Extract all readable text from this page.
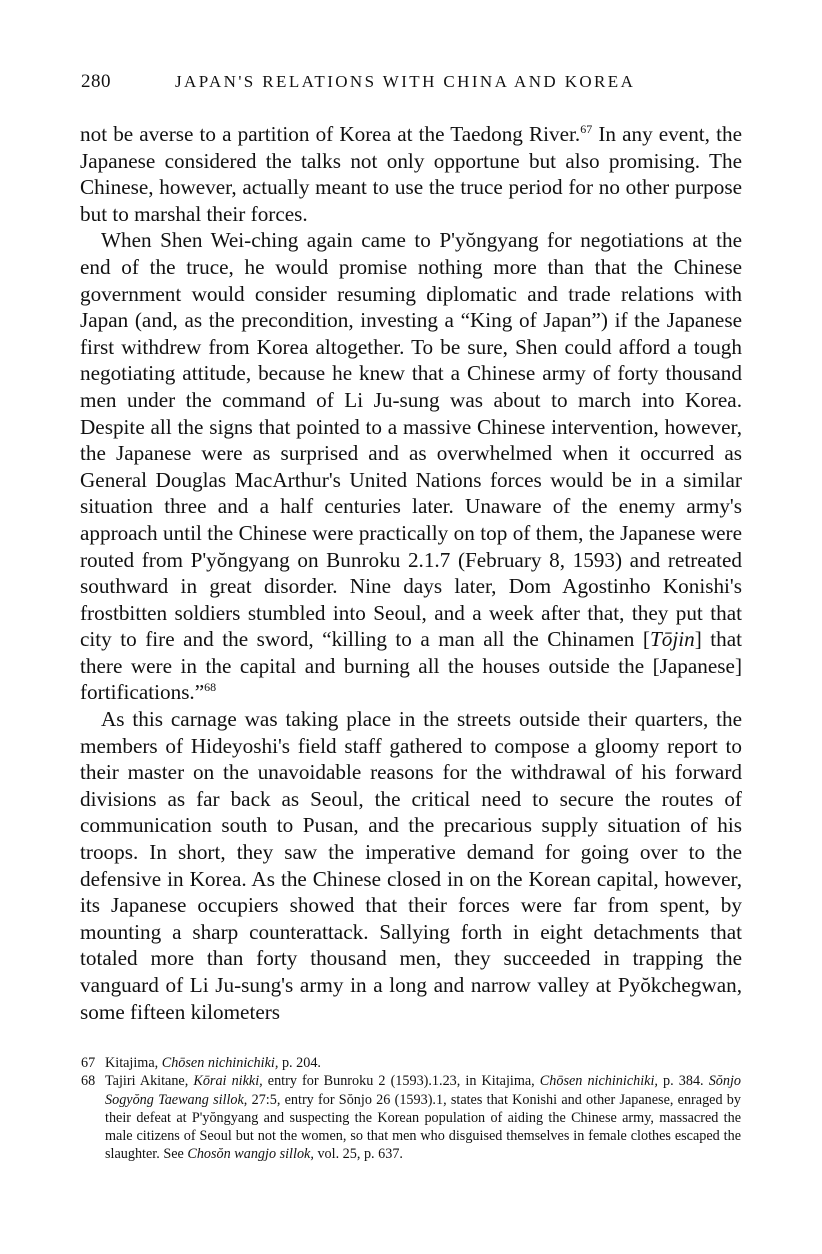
280	JAPAN'S RELATIONS WITH CHINA AND KOREA

not be averse to a partition of Korea at the Taedong River.$^{67}$ In any event, the Japanese considered the talks not only opportune but also promising. The Chinese, however, actually meant to use the truce period for no other purpose but to marshal their forces.

When Shen Wei-ching again came to P'yŏngyang for negotiations at the end of the truce, he would promise nothing more than that the Chinese government would consider resuming diplomatic and trade relations with Japan (and, as the precondition, investing a “King of Japan”) if the Japanese first withdrew from Korea altogether. To be sure, Shen could afford a tough negotiating attitude, because he knew that a Chinese army of forty thousand men under the command of Li Ju-sung was about to march into Korea. Despite all the signs that pointed to a massive Chinese intervention, however, the Japanese were as surprised and as overwhelmed when it occurred as General Douglas MacArthur's United Nations forces would be in a similar situation three and a half centuries later. Unaware of the enemy army's approach until the Chinese were practically on top of them, the Japanese were routed from P'yŏngyang on Bunroku 2.1.7 (February 8, 1593) and retreated southward in great disorder. Nine days later, Dom Agostinho Konishi's frostbitten soldiers stumbled into Seoul, and a week after that, they put that city to fire and the sword, “killing to a man all the Chinamen [Tōjin] that there were in the capital and burning all the houses outside the [Japanese] fortifications.”$^{68}$

As this carnage was taking place in the streets outside their quarters, the members of Hideyoshi's field staff gathered to compose a gloomy report to their master on the unavoidable reasons for the withdrawal of his forward divisions as far back as Seoul, the critical need to secure the routes of communication south to Pusan, and the precarious supply situation of his troops. In short, they saw the imperative demand for going over to the defensive in Korea. As the Chinese closed in on the Korean capital, however, its Japanese occupiers showed that their forces were far from spent, by mounting a sharp counterattack. Sallying forth in eight detachments that totaled more than forty thousand men, they succeeded in trapping the vanguard of Li Ju-sung's army in a long and narrow valley at Pyŏkchegwan, some fifteen kilometers

67 Kitajima, Chōsen nichinichiki, p. 204.

68 Tajiri Akitane, Kōrai nikki, entry for Bunroku 2 (1593).1.23, in Kitajima, Chōsen nichinichiki, p. 384. Sŏnjo Sogyŏng Taewang sillok, 27:5, entry for Sŏnjo 26 (1593).1, states that Konishi and other Japanese, enraged by their defeat at P'yŏngyang and suspecting the Korean population of aiding the Chinese army, massacred the male citizens of Seoul but not the women, so that men who disguised themselves in female clothes escaped the slaughter. See Chosŏn wangjo sillok, vol. 25, p. 637.
